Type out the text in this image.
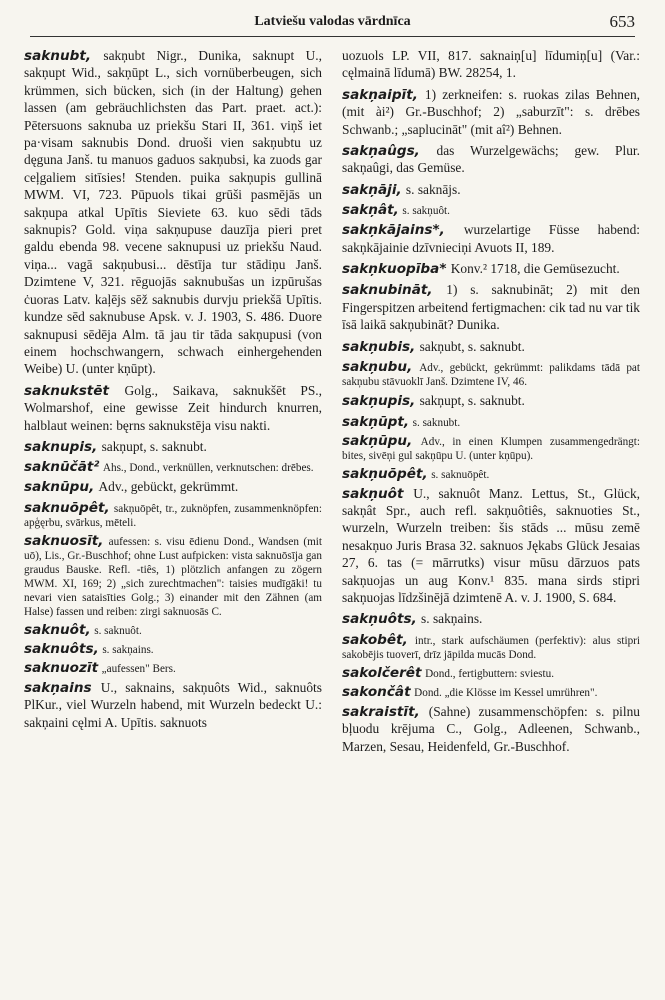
Latviešu valodas vārdnīca	653

saknubt, sakņubt Nigr., Dunika, saknupt U., sakņupt Wid., sakņūpt L., sich vornüberbeugen, sich krümmen, sich bücken, sich (in der Haltung) gehen lassen (am gebräuchlichsten das Part. praet. act.): Pētersuons saknuba uz priekšu Stari II, 361. viņš iet pa·visam saknubis Dond. druoši vien sakņubtu uz dęguna Janš. tu manuos gaduos sakņubsi, ka zuods gar ceļgaliem sitīsies! Stenden. puika sakņupis gullinā MWM. VI, 723. Pūpuols tikai grūši pasmējās un sakņupa atkal Upītis Sieviete 63. kuo sēdi tāds saknupis? Gold. viņa sakņupuse dauzīja pieri pret galdu ebenda 98. vecene saknupusi uz priekšu Naud. viņa... vagā sakņubusi... dēstīja tur stādiņu Janš. Dzimtene V, 321. rēguojās saknubušas un izpūrušas ċuoras Latv. kaļējs sēž saknubis durvju priekšā Upītis. kundze sēd saknubuse Apsk. v. J. 1903, S. 486. Duore saknupusi sēdēja Alm. tā jau tir tāda sakņupusi (von einem hochschwangern, schwach einhergehenden Weibe) U. (unter kņūpt).

saknukstēt Golg., Saikava, saknukšēt PS., Wolmarshof, eine gewisse Zeit hindurch knurren, halblaut weinen: bęrns saknukstēja visu nakti.

saknupis, sakņupt, s. saknubt.

saknūčāt² Ahs., Dond., verknüllen, verknutschen: drēbes.

saknūpu, Adv., gebückt, gekrümmt.

saknuōpêt, sakņuōpêt, tr., zuknöpfen, zusammenknöpfen: apģęrbu, svārkus, mēteli.

saknuosīt, aufessen: s. visu ēdienu Dond., Wandsen (mit uō), Lis., Gr.-Buschhof; ohne Lust aufpicken: vista saknuōsīja gan graudus Bauske. Refl. -tiês, 1) plötzlich anfangen zu zögern MWM. XI, 169; 2) „sich zurechtmachen": taisies mudīgāki! tu nevari vien sataisīties Golg.; 3) einander mit den Zähnen (am Halse) fassen und reiben: zirgi saknuosās C.

saknuôt, s. saknuôt.

saknuôts, s. sakņains.

saknuozīt „aufessen" Bers.

sakņains U., saknains, sakņuôts Wid., saknuôts PlKur., viel Wurzeln habend, mit Wurzeln bedeckt U.: sakņaini cęlmi A. Upītis. saknuots

uozuols LP. VII, 817. saknaiņ[u] līdumiņ[u] (Var.: cęlmainā līdumā) BW. 28254, 1.

sakņaipīt, 1) zerkneifen: s. ruokas zilas Behnen, (mit ài²) Gr.-Buschhof; 2) „saburzīt": s. drēbes Schwanb.; „saplucināt" (mit aî²) Behnen.

sakņaûgs, das Wurzelgewächs; gew. Plur. sakņaûgi, das Gemüse.

sakņāji, s. saknājs.

sakņât, s. sakņuôt.

sakņkājains*, wurzelartige Füsse habend: sakņkājainie dzīvnieciņi Avuots II, 189.

sakņkuopība* Konv.² 1718, die Gemüsezucht.

saknubināt, 1) s. saknubināt; 2) mit den Fingerspitzen arbeitend fertigmachen: cik tad nu var tik īsā laikā sakņubināt? Dunika.

sakņubis, sakņubt, s. saknubt.

sakņubu, Adv., gebückt, gekrümmt: palikdams tādā pat sakņubu stāvuoklī Janš. Dzimtene IV, 46.

sakņupis, sakņupt, s. saknubt.

sakņūpt, s. saknubt.

sakņūpu, Adv., in einen Klumpen zusammengedrängt: bites, sivēņi gul sakņūpu U. (unter kņūpu).

sakņuōpêt, s. saknuōpêt.

sakņuôt U., saknuôt Manz. Lettus, St., Glück, sakņât Spr., auch refl. sakņuôtiês, saknuoties St., wurzeln, Wurzeln treiben: šis stāds ... mūsu zemē nesakņuo Juris Brasa 32. saknuos Jękabs Glück Jesaias 27, 6. tas (= mārrutks) visur mūsu dārzuos pats sakņuojas un aug Konv.¹ 835. mana sirds stipri sakņuojas līdzšinējā dzimtenē A. v. J. 1900, S. 684.

sakņuôts, s. sakņains.

sakobêt, intr., stark aufschäumen (perfektiv): alus stipri sakobējis tuoverī, drīz jāpilda mucās Dond.

sakolčerêt Dond., fertigbuttern: sviestu.

sakončât Dond. „die Klösse im Kessel umrühren".

sakraistīt, (Sahne) zusammenschöpfen: s. pilnu bļuodu krējuma C., Golg., Adleenen, Schwanb., Marzen, Sesau, Heidenfeld, Gr.-Buschhof.
